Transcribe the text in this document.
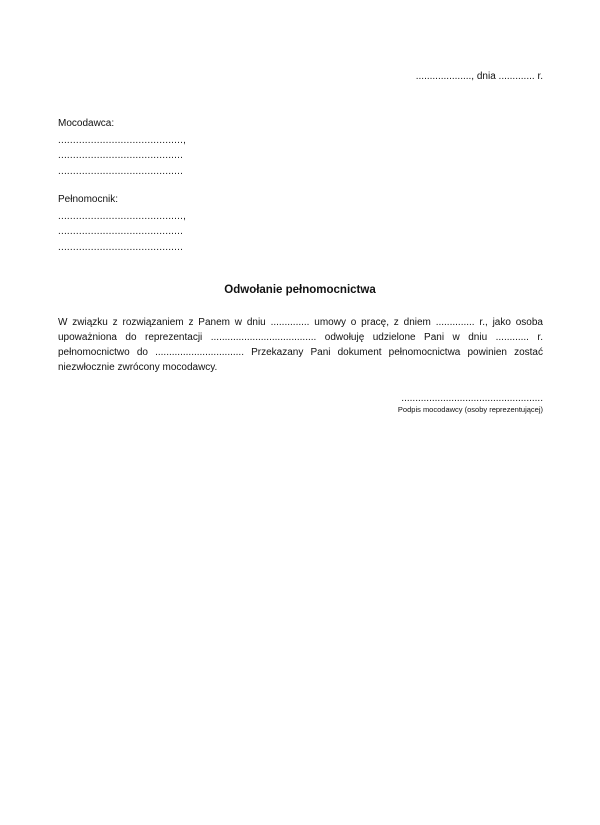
...................., dnia ............. r.
Mocodawca:
..........................................,
..........................................
..........................................
Pełnomocnik:
..........................................,
..........................................
..........................................
Odwołanie pełnomocnictwa
W związku z rozwiązaniem z Panem w dniu .............. umowy o pracę, z dniem .............. r., jako osoba upoważniona do reprezentacji ...................................... odwołuję udzielone Pani w dniu ............ r. pełnomocnictwo do ................................ Przekazany Pani dokument pełnomocnictwa powinien zostać niezwłocznie zwrócony mocodawcy.
...................................................
Podpis mocodawcy (osoby reprezentującej)
